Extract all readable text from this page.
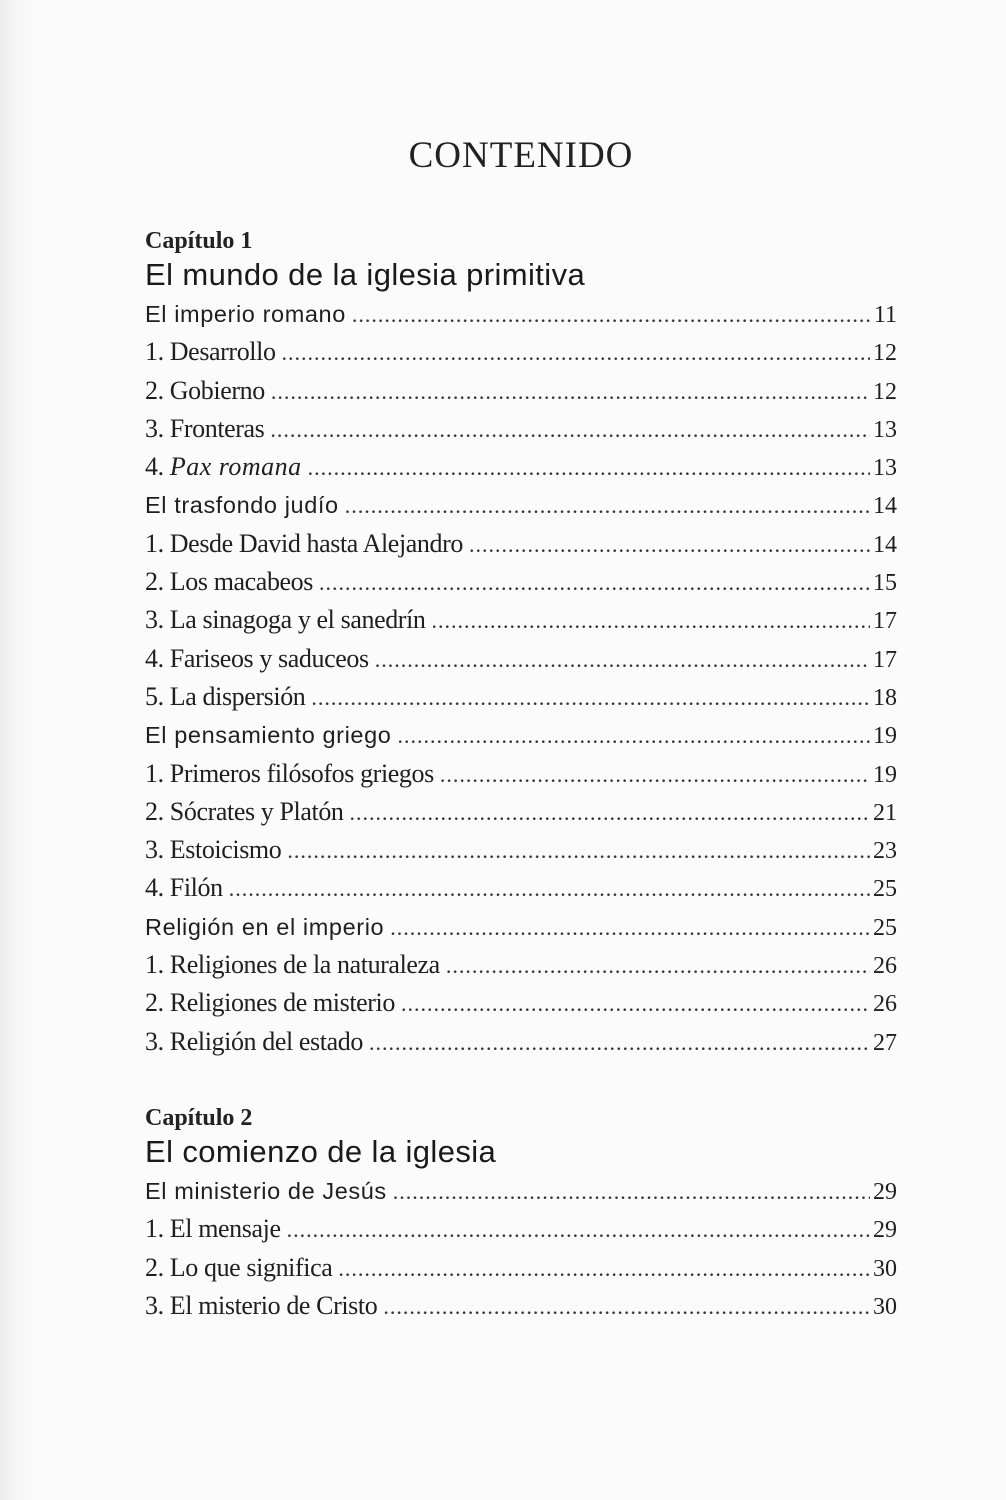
CONTENIDO
Capítulo 1
El mundo de la iglesia primitiva
El imperio romano .....	11
1. Desarrollo .....	12
2. Gobierno .....	12
3. Fronteras .....	13
4. Pax romana .....	13
El trasfondo judío .....	14
1. Desde David hasta Alejandro .....	14
2. Los macabeos .....	15
3. La sinagoga y el sanedrín .....	17
4. Fariseos y saduceos .....	17
5. La dispersión .....	18
El pensamiento griego .....	19
1. Primeros filósofos griegos .....	19
2. Sócrates y Platón .....	21
3. Estoicismo .....	23
4. Filón .....	25
Religión en el imperio .....	25
1. Religiones de la naturaleza .....	26
2. Religiones de misterio .....	26
3. Religión del estado .....	27
Capítulo 2
El comienzo de la iglesia
El ministerio de Jesús .....	29
1. El mensaje .....	29
2. Lo que significa .....	30
3. El misterio de Cristo .....	30
